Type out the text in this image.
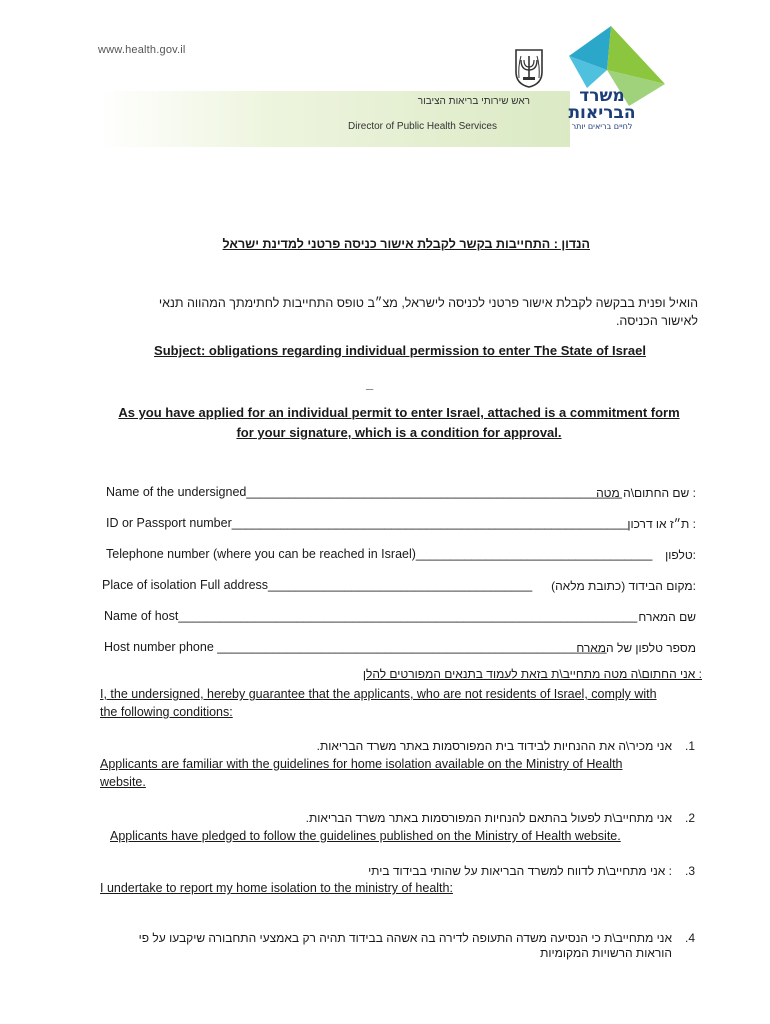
www.health.gov.il
ראש שירותי בריאות הציבור
Director of Public Health Services
משרד
הבריאות
לחיים בריאים יותר
הנדון : התחייבות בקשר לקבלת אישור כניסה פרטני למדינת ישראל
הואיל ופנית בבקשה לקבלת אישור פרטני לכניסה לישראל, מצ״ב טופס התחייבות לחתימתך המהווה תנאי
לאישור הכניסה.
Subject: obligations regarding individual permission to enter The State of Israel
_
As you have applied for an individual permit to enter Israel, attached is a commitment form
for your signature, which is a condition for approval.
Name of the undersigned______________________________________________________
: שם החתום\ה מטה
ID or Passport number_________________________________________________________ : ת״ז או דרכון
Telephone number (where you can be reached in Israel)__________________________________ :טלפון
Place of isolation Full address______________________________________ :מקום הבידוד (כתובת מלאה)
Name of host__________________________________________________________________ שם המארח
Host number phone ________________________________________________________
מספר טלפון של המארח
: אני החתום\ה מטה מתחייב\ת בזאת לעמוד בתנאים המפורטים להלן
I, the undersigned, hereby guarantee that the applicants, who are not residents of Israel, comply with
the following conditions:
.1
אני מכיר\ה את ההנחיות לבידוד בית המפורסמות באתר משרד הבריאות.
Applicants are familiar with the guidelines for home isolation available on the Ministry of Health
website.
.2
אני מתחייב\ת לפעול בהתאם להנחיות המפורסמות באתר משרד הבריאות.
Applicants have pledged to follow the guidelines published on the Ministry of Health website.
.3
: אני מתחייב\ת לדווח למשרד הבריאות על שהותי בבידוד ביתי
I undertake to report my home isolation to the ministry of health:
.4
אני מתחייב\ת כי הנסיעה משדה התעופה לדירה בה אשהה בבידוד תהיה רק באמצעי התחבורה שיקבעו על פי
הוראות הרשויות המקומיות
